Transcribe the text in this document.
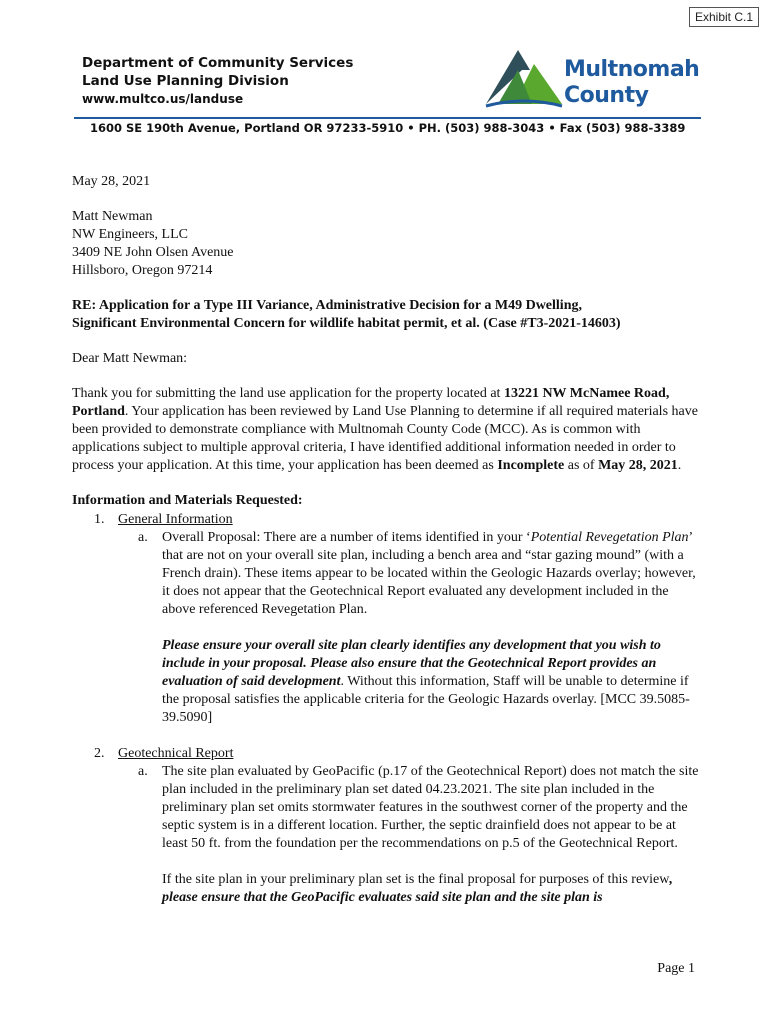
Exhibit C.1
Department of Community Services
Land Use Planning Division
www.multco.us/landuse
Multnomah
County
1600 SE 190th Avenue, Portland OR 97233-5910 • PH. (503) 988-3043 • Fax (503) 988-3389

May 28, 2021

Matt Newman
NW Engineers, LLC
3409 NE John Olsen Avenue
Hillsboro, Oregon 97214
RE: Application for a Type III Variance, Administrative Decision for a M49 Dwelling,
Significant Environmental Concern for wildlife habitat permit, et al. (Case #T3-2021-14603)

Dear Matt Newman:

Thank you for submitting the land use application for the property located at 13221 NW McNamee Road, Portland. Your application has been reviewed by Land Use Planning to determine if all required materials have been provided to demonstrate compliance with Multnomah County Code (MCC). As is common with applications subject to multiple approval criteria, I have identified additional information needed in order to process your application. At this time, your application has been deemed as Incomplete as of May 28, 2021.

Information and Materials Requested:

1. General Information
a. Overall Proposal: There are a number of items identified in your ‘Potential Revegetation Plan’ that are not on your overall site plan, including a bench area and “star gazing mound” (with a French drain). These items appear to be located within the Geologic Hazards overlay; however, it does not appear that the Geotechnical Report evaluated any development included in the above referenced Revegetation Plan.

Please ensure your overall site plan clearly identifies any development that you wish to include in your proposal. Please also ensure that the Geotechnical Report provides an evaluation of said development. Without this information, Staff will be unable to determine if the proposal satisfies the applicable criteria for the Geologic Hazards overlay. [MCC 39.5085-39.5090]

2. Geotechnical Report
a. The site plan evaluated by GeoPacific (p.17 of the Geotechnical Report) does not match the site plan included in the preliminary plan set dated 04.23.2021. The site plan included in the preliminary plan set omits stormwater features in the southwest corner of the property and the septic system is in a different location. Further, the septic drainfield does not appear to be at least 50 ft. from the foundation per the recommendations on p.5 of the Geotechnical Report.

If the site plan in your preliminary plan set is the final proposal for purposes of this review, please ensure that the GeoPacific evaluates said site plan and the site plan is

Page 1
